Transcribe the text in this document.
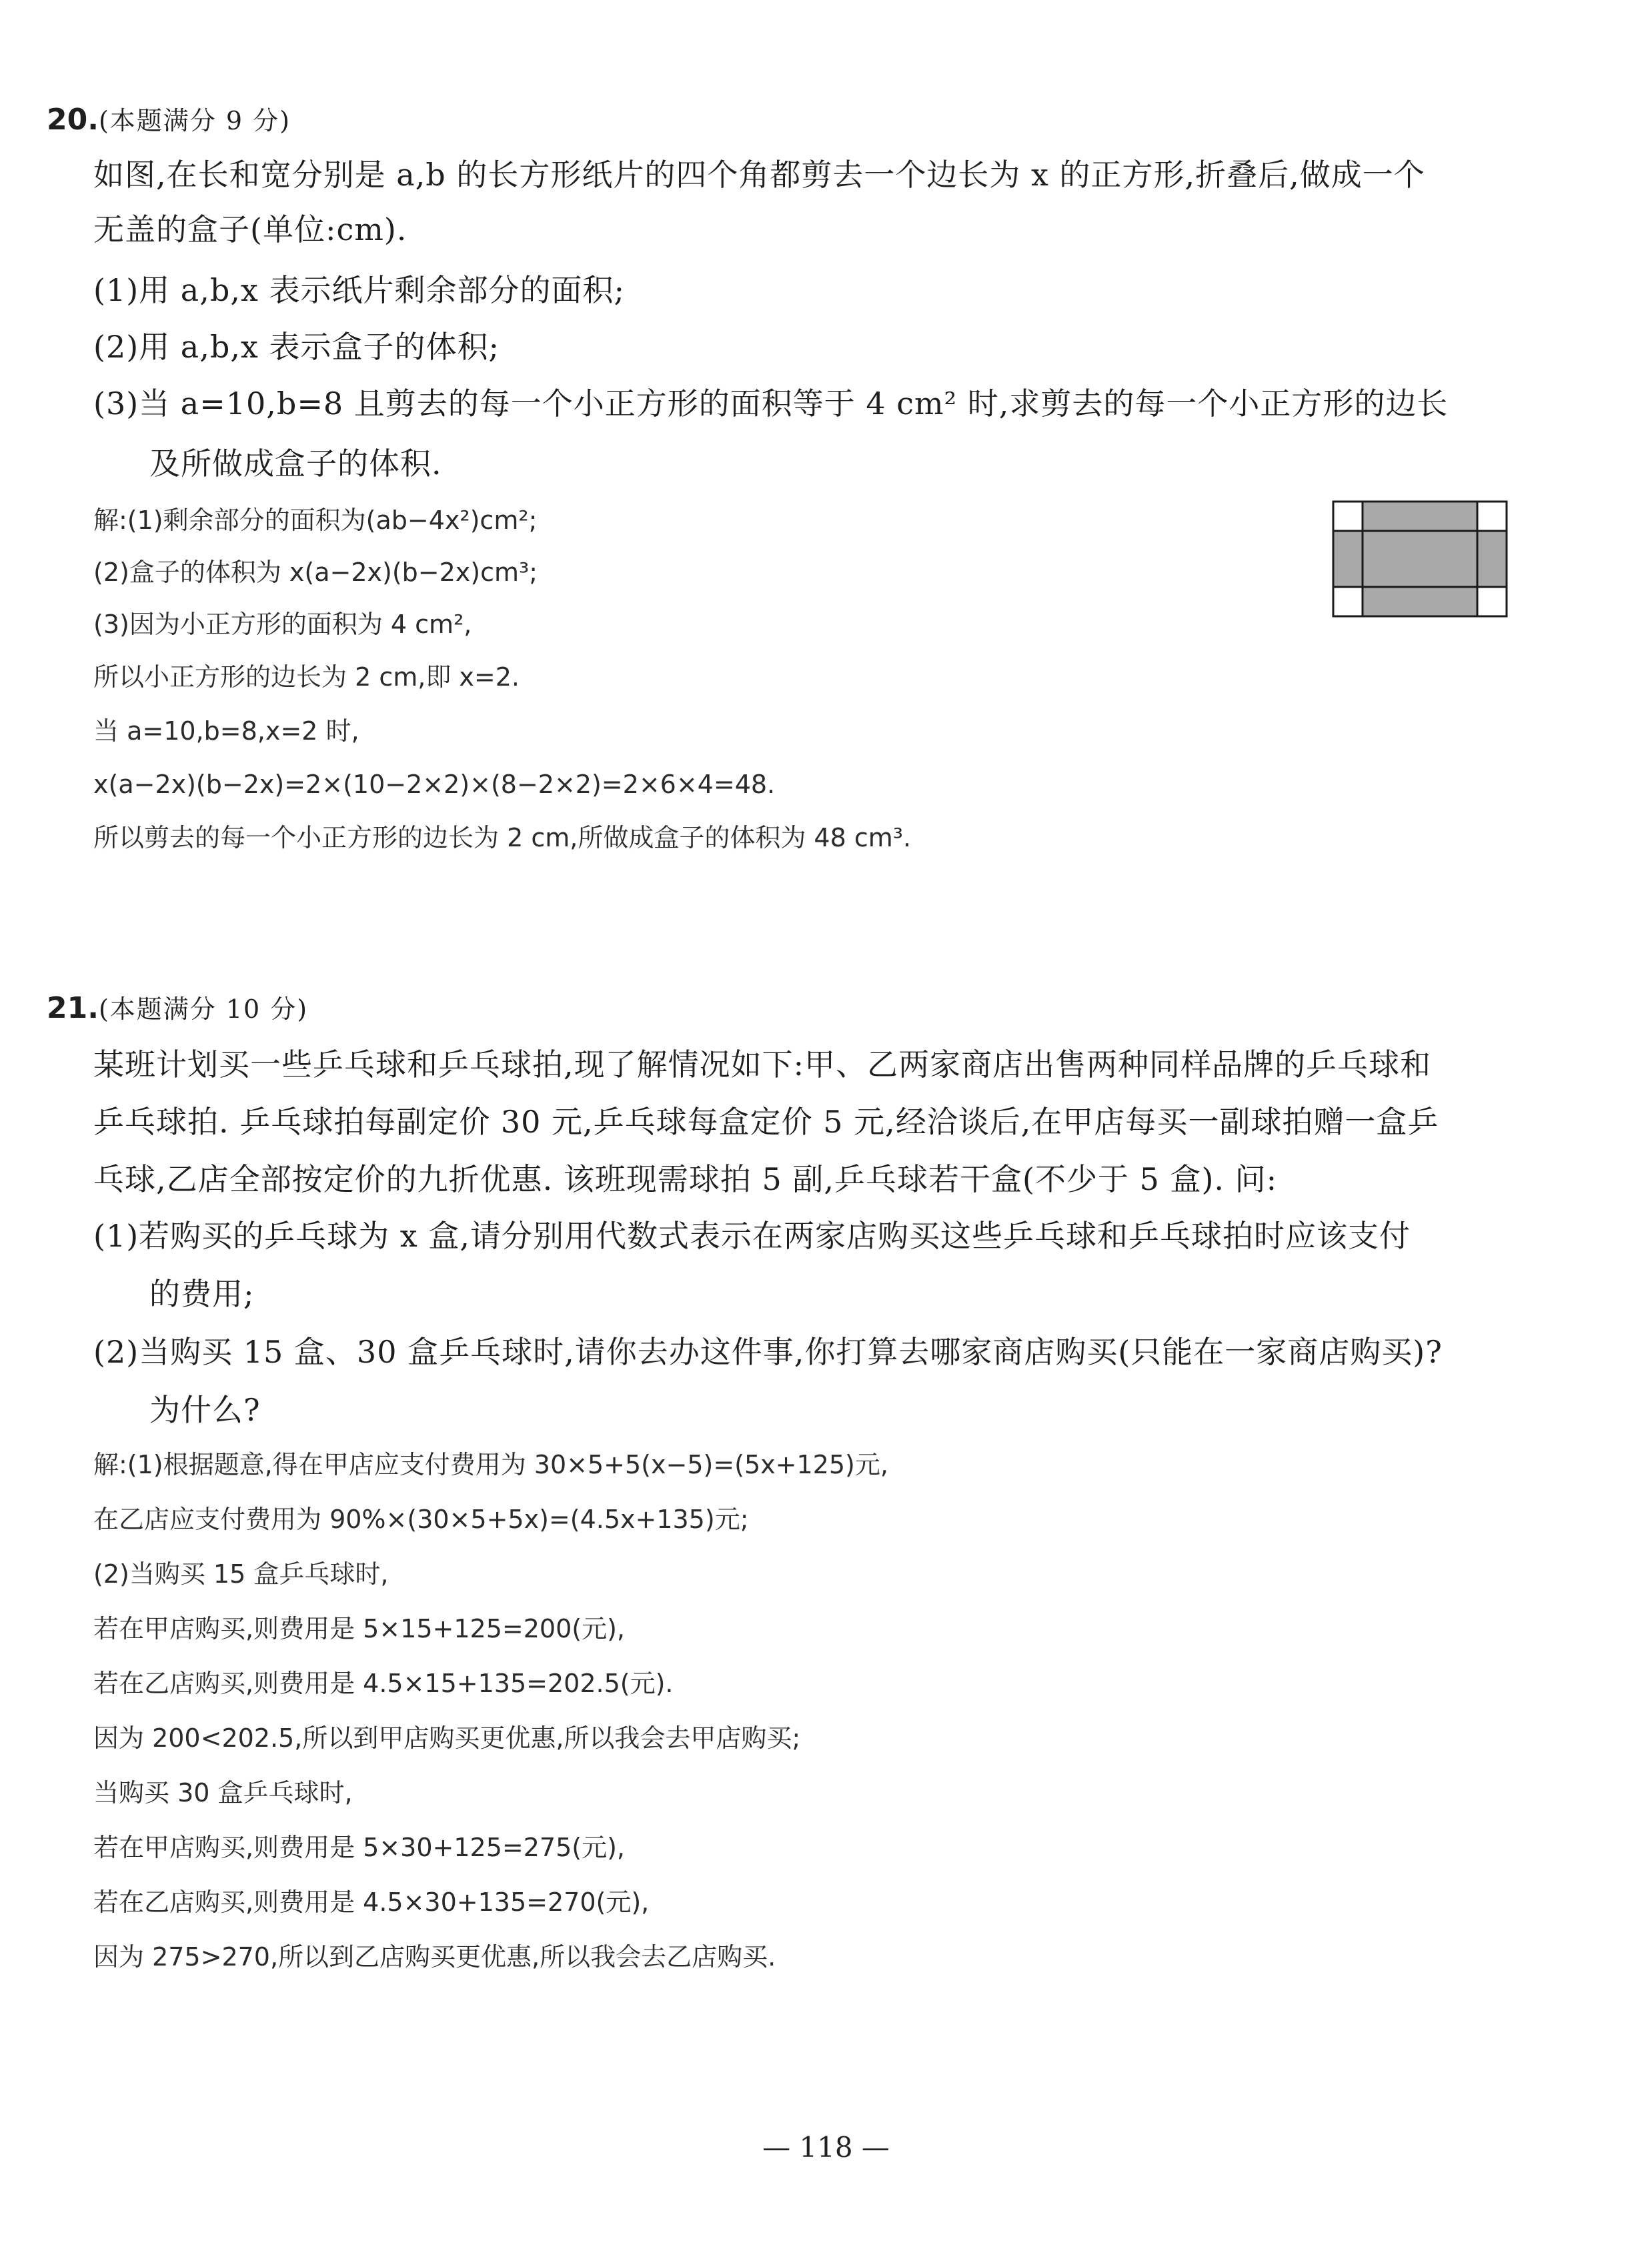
20.(本题满分 9 分)
如图,在长和宽分别是 a,b 的长方形纸片的四个角都剪去一个边长为 x 的正方形,折叠后,做成一个
无盖的盒子(单位:cm).
(1)用 a,b,x 表示纸片剩余部分的面积;
(2)用 a,b,x 表示盒子的体积;
(3)当 a=10,b=8 且剪去的每一个小正方形的面积等于 4 cm² 时,求剪去的每一个小正方形的边长
及所做成盒子的体积.
解:(1)剩余部分的面积为(ab−4x²)cm²;
(2)盒子的体积为 x(a−2x)(b−2x)cm³;
(3)因为小正方形的面积为 4 cm²,
所以小正方形的边长为 2 cm,即 x=2.
当 a=10,b=8,x=2 时,
x(a−2x)(b−2x)=2×(10−2×2)×(8−2×2)=2×6×4=48.
所以剪去的每一个小正方形的边长为 2 cm,所做成盒子的体积为 48 cm³.
21.(本题满分 10 分)
某班计划买一些乒乓球和乒乓球拍,现了解情况如下:甲、乙两家商店出售两种同样品牌的乒乓球和
乒乓球拍. 乒乓球拍每副定价 30 元,乒乓球每盒定价 5 元,经洽谈后,在甲店每买一副球拍赠一盒乒
乓球,乙店全部按定价的九折优惠. 该班现需球拍 5 副,乒乓球若干盒(不少于 5 盒). 问:
(1)若购买的乒乓球为 x 盒,请分别用代数式表示在两家店购买这些乒乓球和乒乓球拍时应该支付
的费用;
(2)当购买 15 盒、30 盒乒乓球时,请你去办这件事,你打算去哪家商店购买(只能在一家商店购买)?
为什么?
解:(1)根据题意,得在甲店应支付费用为 30×5+5(x−5)=(5x+125)元,
在乙店应支付费用为 90%×(30×5+5x)=(4.5x+135)元;
(2)当购买 15 盒乒乓球时,
若在甲店购买,则费用是 5×15+125=200(元),
若在乙店购买,则费用是 4.5×15+135=202.5(元).
因为 200<202.5,所以到甲店购买更优惠,所以我会去甲店购买;
当购买 30 盒乒乓球时,
若在甲店购买,则费用是 5×30+125=275(元),
若在乙店购买,则费用是 4.5×30+135=270(元),
因为 275>270,所以到乙店购买更优惠,所以我会去乙店购买.
— 118 —
